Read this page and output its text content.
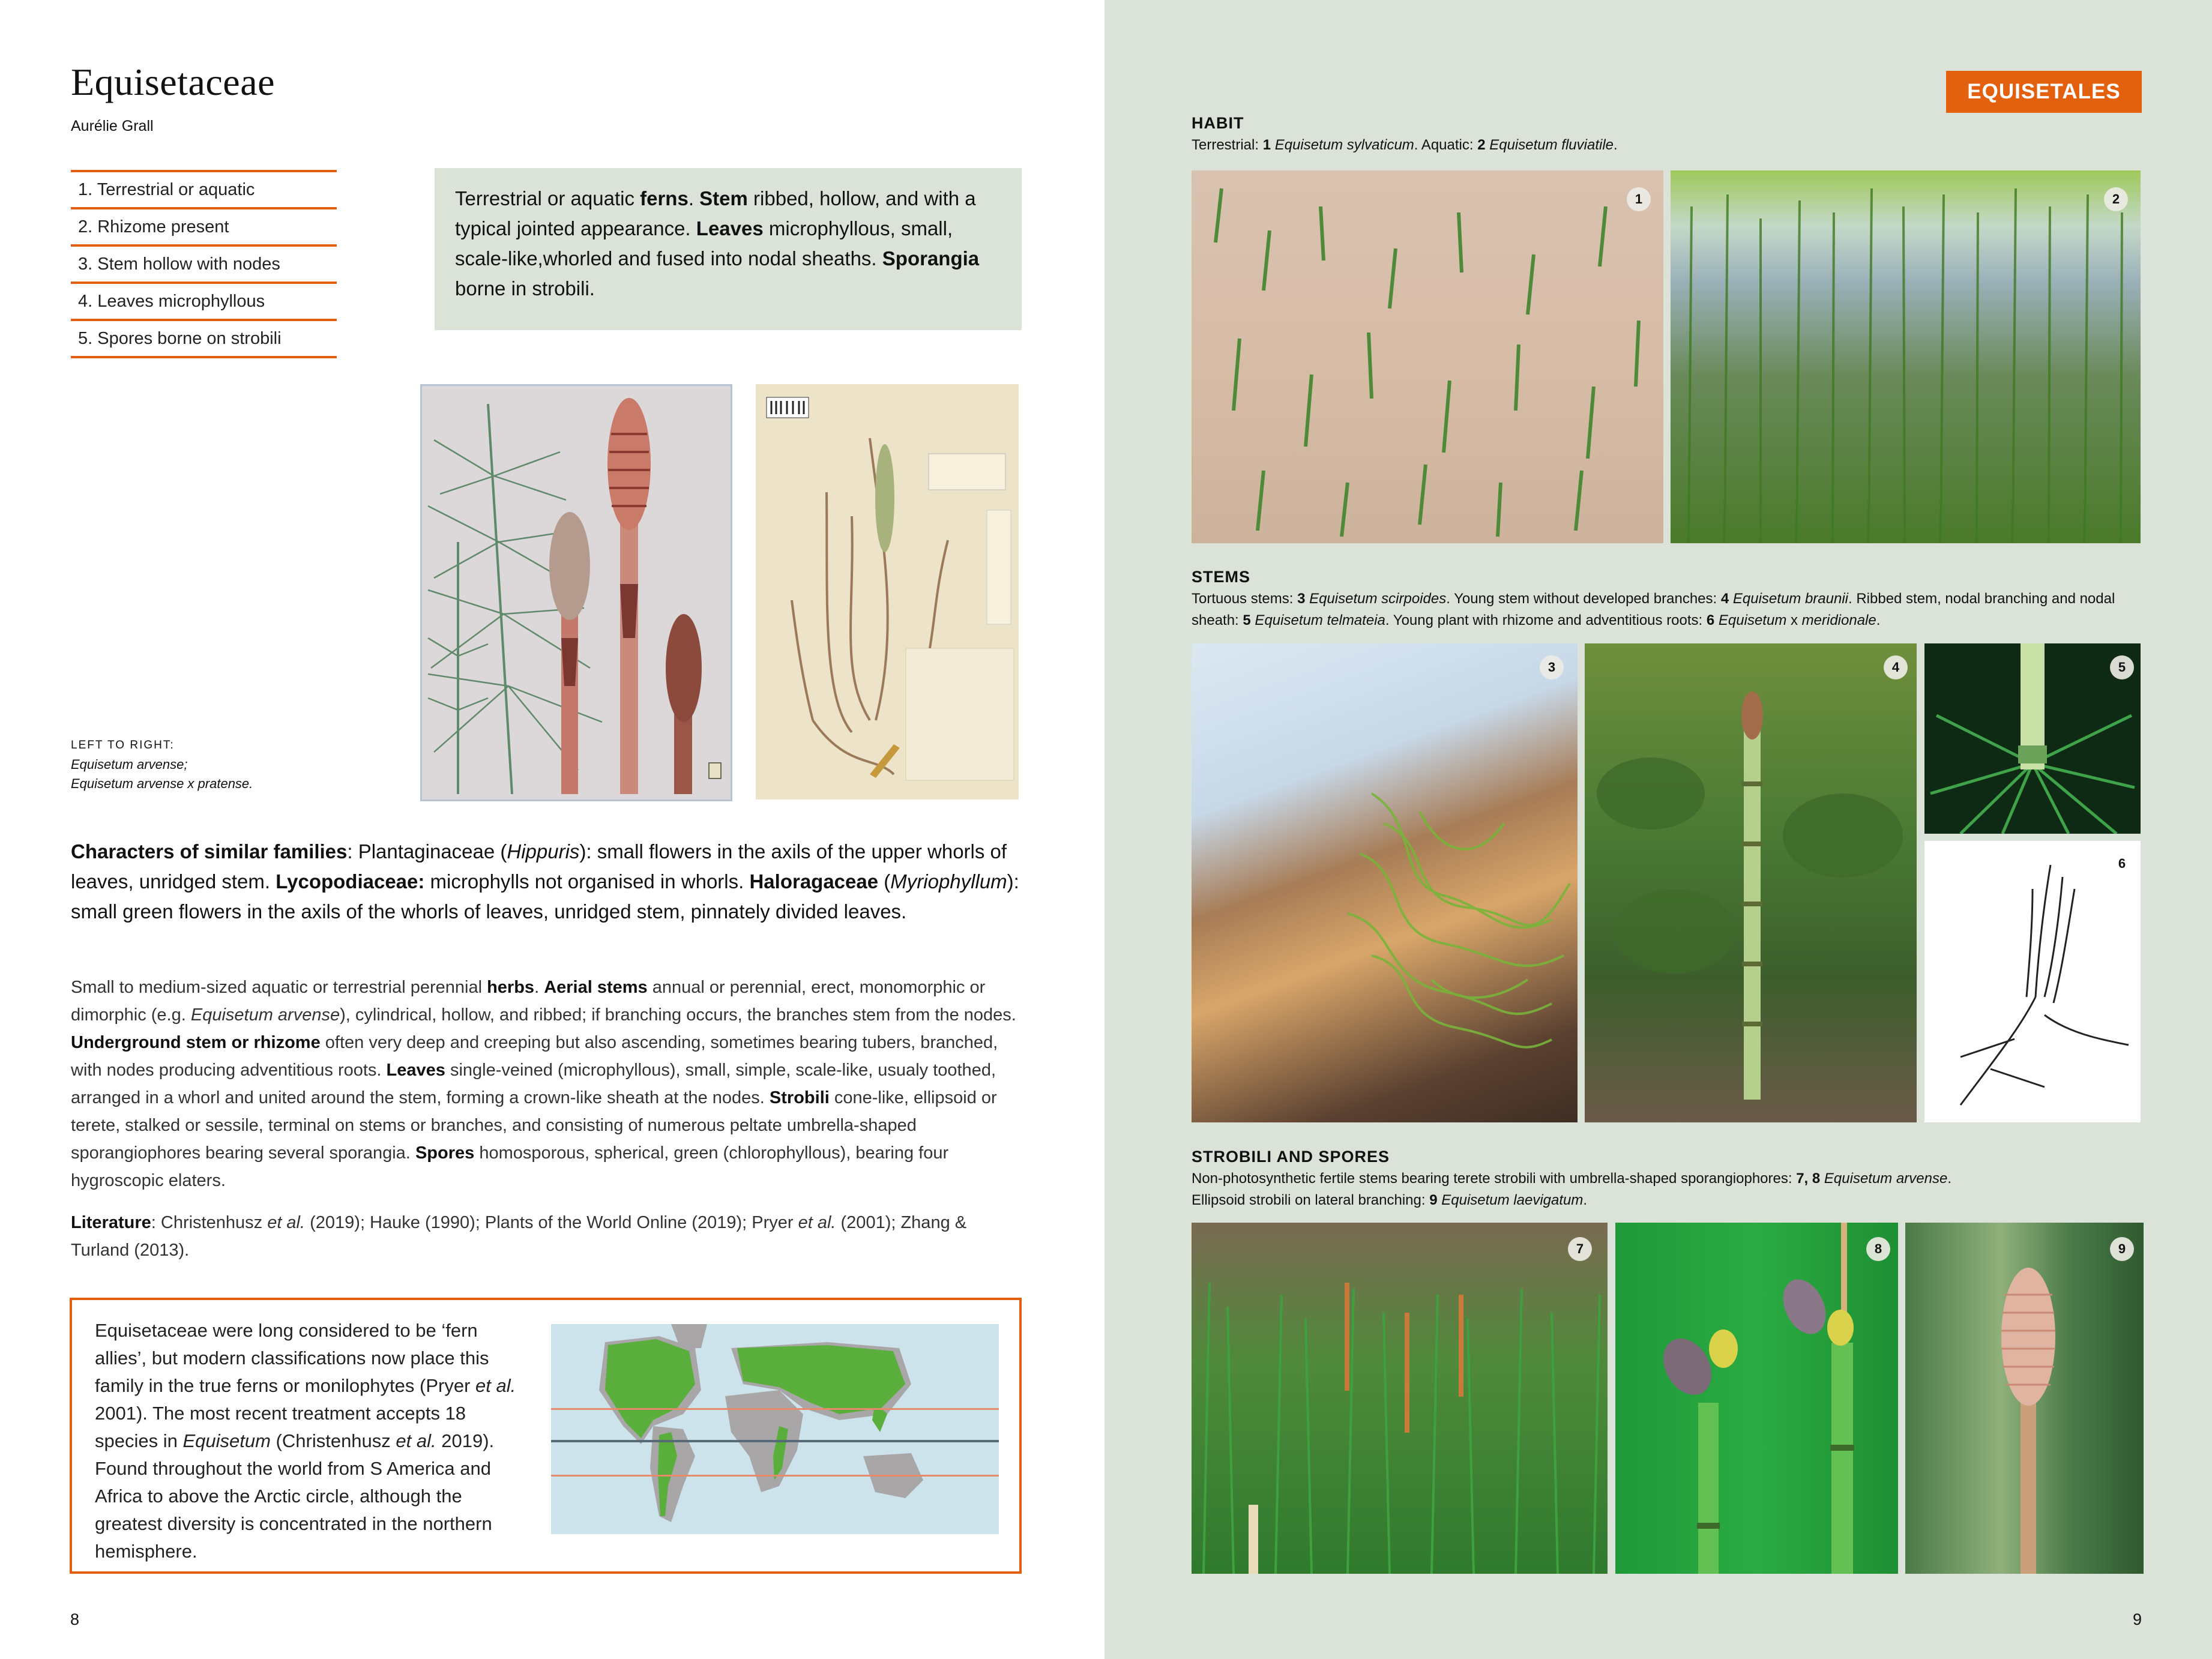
Equisetaceae
Aurélie Grall
1. Terrestrial or aquatic
2. Rhizome present
3. Stem hollow with nodes
4. Leaves microphyllous
5. Spores borne on strobili
Terrestrial or aquatic ferns. Stem ribbed, hollow, and with a typical jointed appearance. Leaves microphyllous, small, scale-like,whorled and fused into nodal sheaths. Sporangia borne in strobili.
LEFT TO RIGHT:
Equisetum arvense;
Equisetum arvense x pratense.
Characters of similar families: Plantaginaceae (Hippuris): small flowers in the axils of the upper whorls of leaves, unridged stem. Lycopodiaceae: microphylls not organised in whorls. Haloragaceae (Myriophyllum): small green flowers in the axils of the whorls of leaves, unridged stem, pinnately divided leaves.
Small to medium-sized aquatic or terrestrial perennial herbs. Aerial stems annual or perennial, erect, monomorphic or dimorphic (e.g. Equisetum arvense), cylindrical, hollow, and ribbed; if branching occurs, the branches stem from the nodes. Underground stem or rhizome often very deep and creeping but also ascending, sometimes bearing tubers, branched, with nodes producing adventitious roots. Leaves single-veined (microphyllous), small, simple, scale-like, usualy toothed, arranged in a whorl and united around the stem, forming a crown-like sheath at the nodes. Strobili cone-like, ellipsoid or terete, stalked or sessile, terminal on stems or branches, and consisting of numerous peltate umbrella-shaped sporangiophores bearing several sporangia. Spores homosporous, spherical, green (chlorophyllous), bearing four hygroscopic elaters.
Literature: Christenhusz et al. (2019); Hauke (1990); Plants of the World Online (2019); Pryer et al. (2001); Zhang & Turland (2013).
Equisetaceae were long considered to be ‘fern allies’, but modern classifications now place this family in the true ferns or monilophytes (Pryer et al. 2001). The most recent treatment accepts 18 species in Equisetum (Christenhusz et al. 2019). Found throughout the world from S America and Africa to above the Arctic circle, although the greatest diversity is concentrated in the northern hemisphere.
8
EQUISETALES
HABIT
Terrestrial: 1 Equisetum sylvaticum. Aquatic: 2 Equisetum fluviatile.
1	2
STEMS
Tortuous stems: 3 Equisetum scirpoides. Young stem without developed branches: 4 Equisetum braunii. Ribbed stem, nodal branching and nodal sheath: 5 Equisetum telmateia. Young plant with rhizome and adventitious roots: 6 Equisetum x meridionale.
3	4	5
6
STROBILI AND SPORES
Non-photosynthetic fertile stems bearing terete strobili with umbrella-shaped sporangiophores: 7, 8 Equisetum arvense.
Ellipsoid strobili on lateral branching: 9 Equisetum laevigatum.
7	8	9
9
